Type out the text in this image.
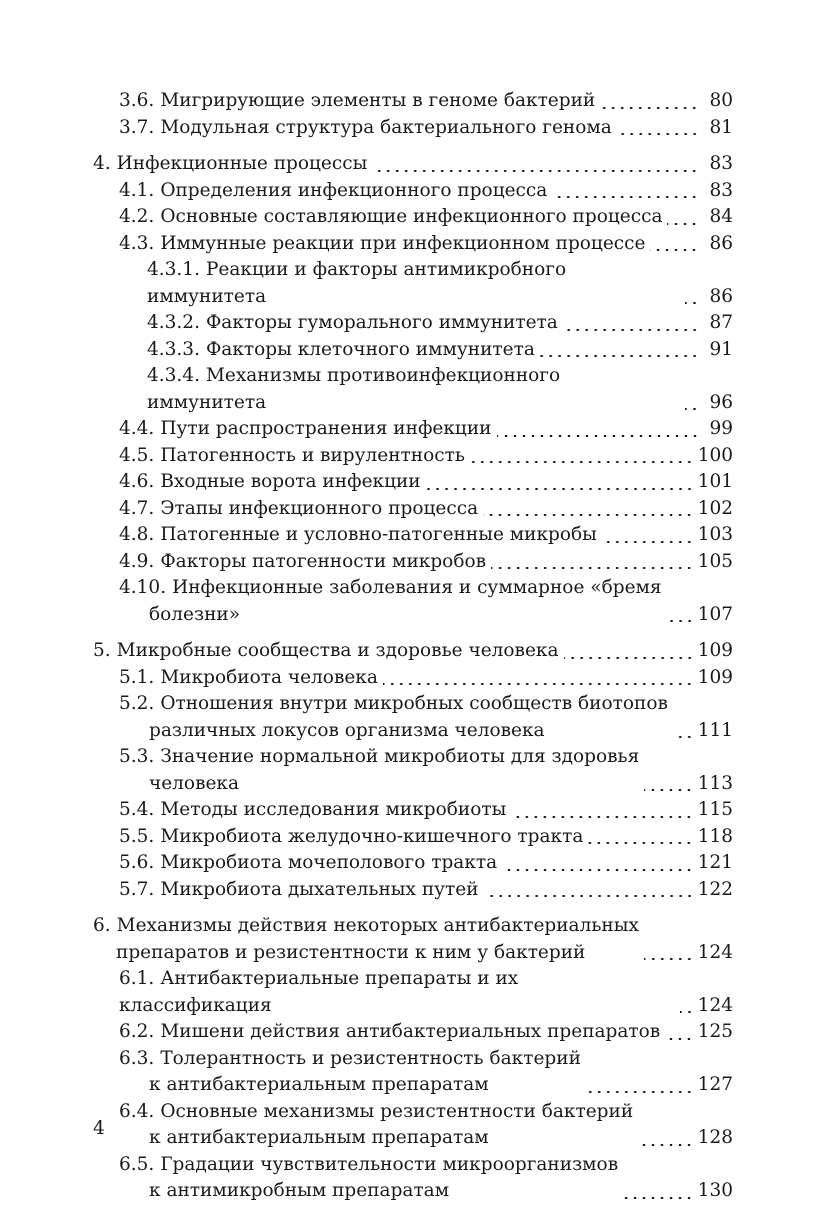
3.6. Мигрирующие элементы в геноме бактерий	80
3.7. Модульная структура бактериального генома	81
4. Инфекционные процессы	83
4.1. Определения инфекционного процесса	83
4.2. Основные составляющие инфекционного процесса	84
4.3. Иммунные реакции при инфекционном процессе	86
4.3.1. Реакции и факторы антимикробного иммунитета	86
4.3.2. Факторы гуморального иммунитета	87
4.3.3. Факторы клеточного иммунитета	91
4.3.4. Механизмы противоинфекционного иммунитета	96
4.4. Пути распространения инфекции	99
4.5. Патогенность и вирулентность	100
4.6. Входные ворота инфекции	101
4.7. Этапы инфекционного процесса	102
4.8. Патогенные и условно-патогенные микробы	103
4.9. Факторы патогенности микробов	105
4.10. Инфекционные заболевания и суммарное «бремя
болезни»	107
5. Микробные сообщества и здоровье человека	109
5.1. Микробиота человека	109
5.2. Отношения внутри микробных сообществ биотопов
различных локусов организма человека	111
5.3. Значение нормальной микробиоты для здоровья
человека	113
5.4. Методы исследования микробиоты	115
5.5. Микробиота желудочно-кишечного тракта	118
5.6. Микробиота мочеполового тракта	121
5.7. Микробиота дыхательных путей	122
6. Механизмы действия некоторых антибактериальных
препаратов и резистентности к ним у бактерий	124
6.1. Антибактериальные препараты и их классификация	124
6.2. Мишени действия антибактериальных препаратов 125
6.3. Толерантность и резистентность бактерий
к антибактериальным препаратам	127
6.4. Основные механизмы резистентности бактерий
к антибактериальным препаратам	128
6.5. Градации чувствительности микроорганизмов
к антимикробным препаратам	130
4
